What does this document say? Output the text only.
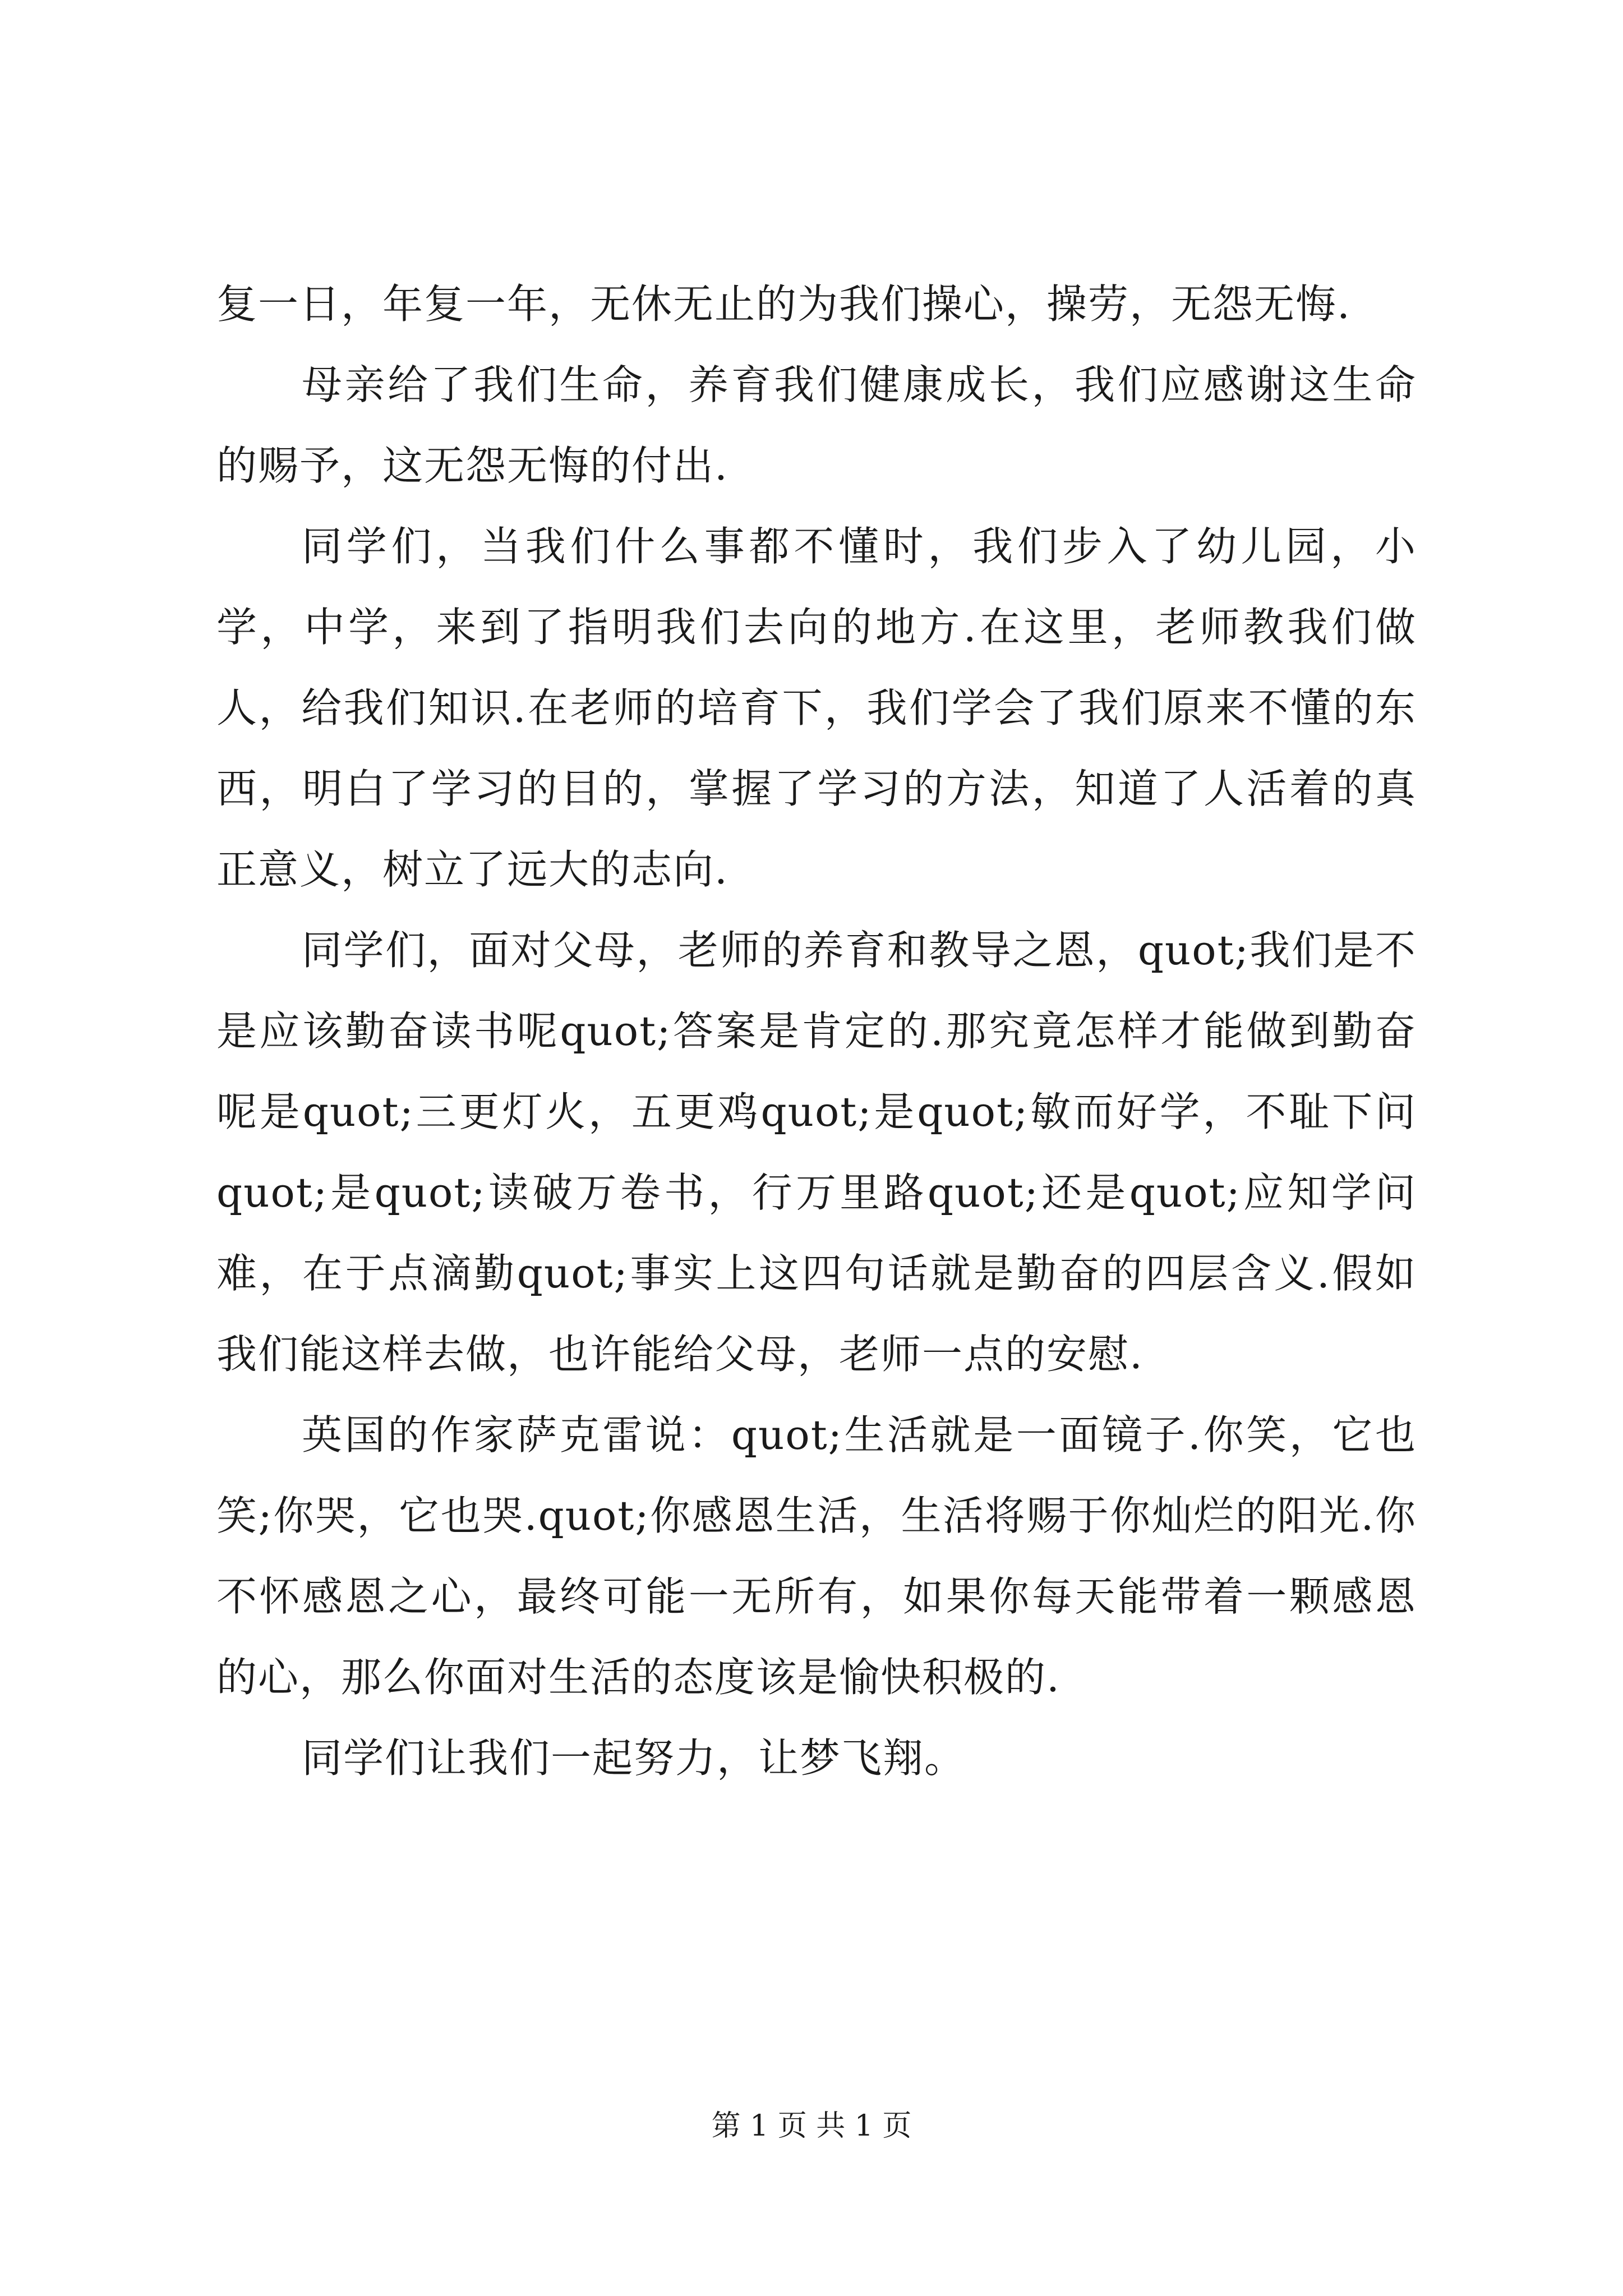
复一日，年复一年，无休无止的为我们操心，操劳，无怨无悔.

母亲给了我们生命，养育我们健康成长，我们应感谢这生命的赐予，这无怨无悔的付出.

同学们，当我们什么事都不懂时，我们步入了幼儿园，小学，中学，来到了指明我们去向的地方.在这里，老师教我们做人，给我们知识.在老师的培育下，我们学会了我们原来不懂的东西，明白了学习的目的，掌握了学习的方法，知道了人活着的真正意义，树立了远大的志向.

同学们，面对父母，老师的养育和教导之恩，quot;我们是不是应该勤奋读书呢quot;答案是肯定的.那究竟怎样才能做到勤奋呢是quot;三更灯火，五更鸡quot;是quot;敏而好学，不耻下问quot;是quot;读破万卷书，行万里路quot;还是quot;应知学问难，在于点滴勤quot;事实上这四句话就是勤奋的四层含义.假如我们能这样去做，也许能给父母，老师一点的安慰.

英国的作家萨克雷说：quot;生活就是一面镜子.你笑，它也笑;你哭，它也哭.quot;你感恩生活，生活将赐于你灿烂的阳光.你不怀感恩之心，最终可能一无所有，如果你每天能带着一颗感恩的心，那么你面对生活的态度该是愉快积极的.

同学们让我们一起努力，让梦飞翔。

第 1 页 共 1 页
